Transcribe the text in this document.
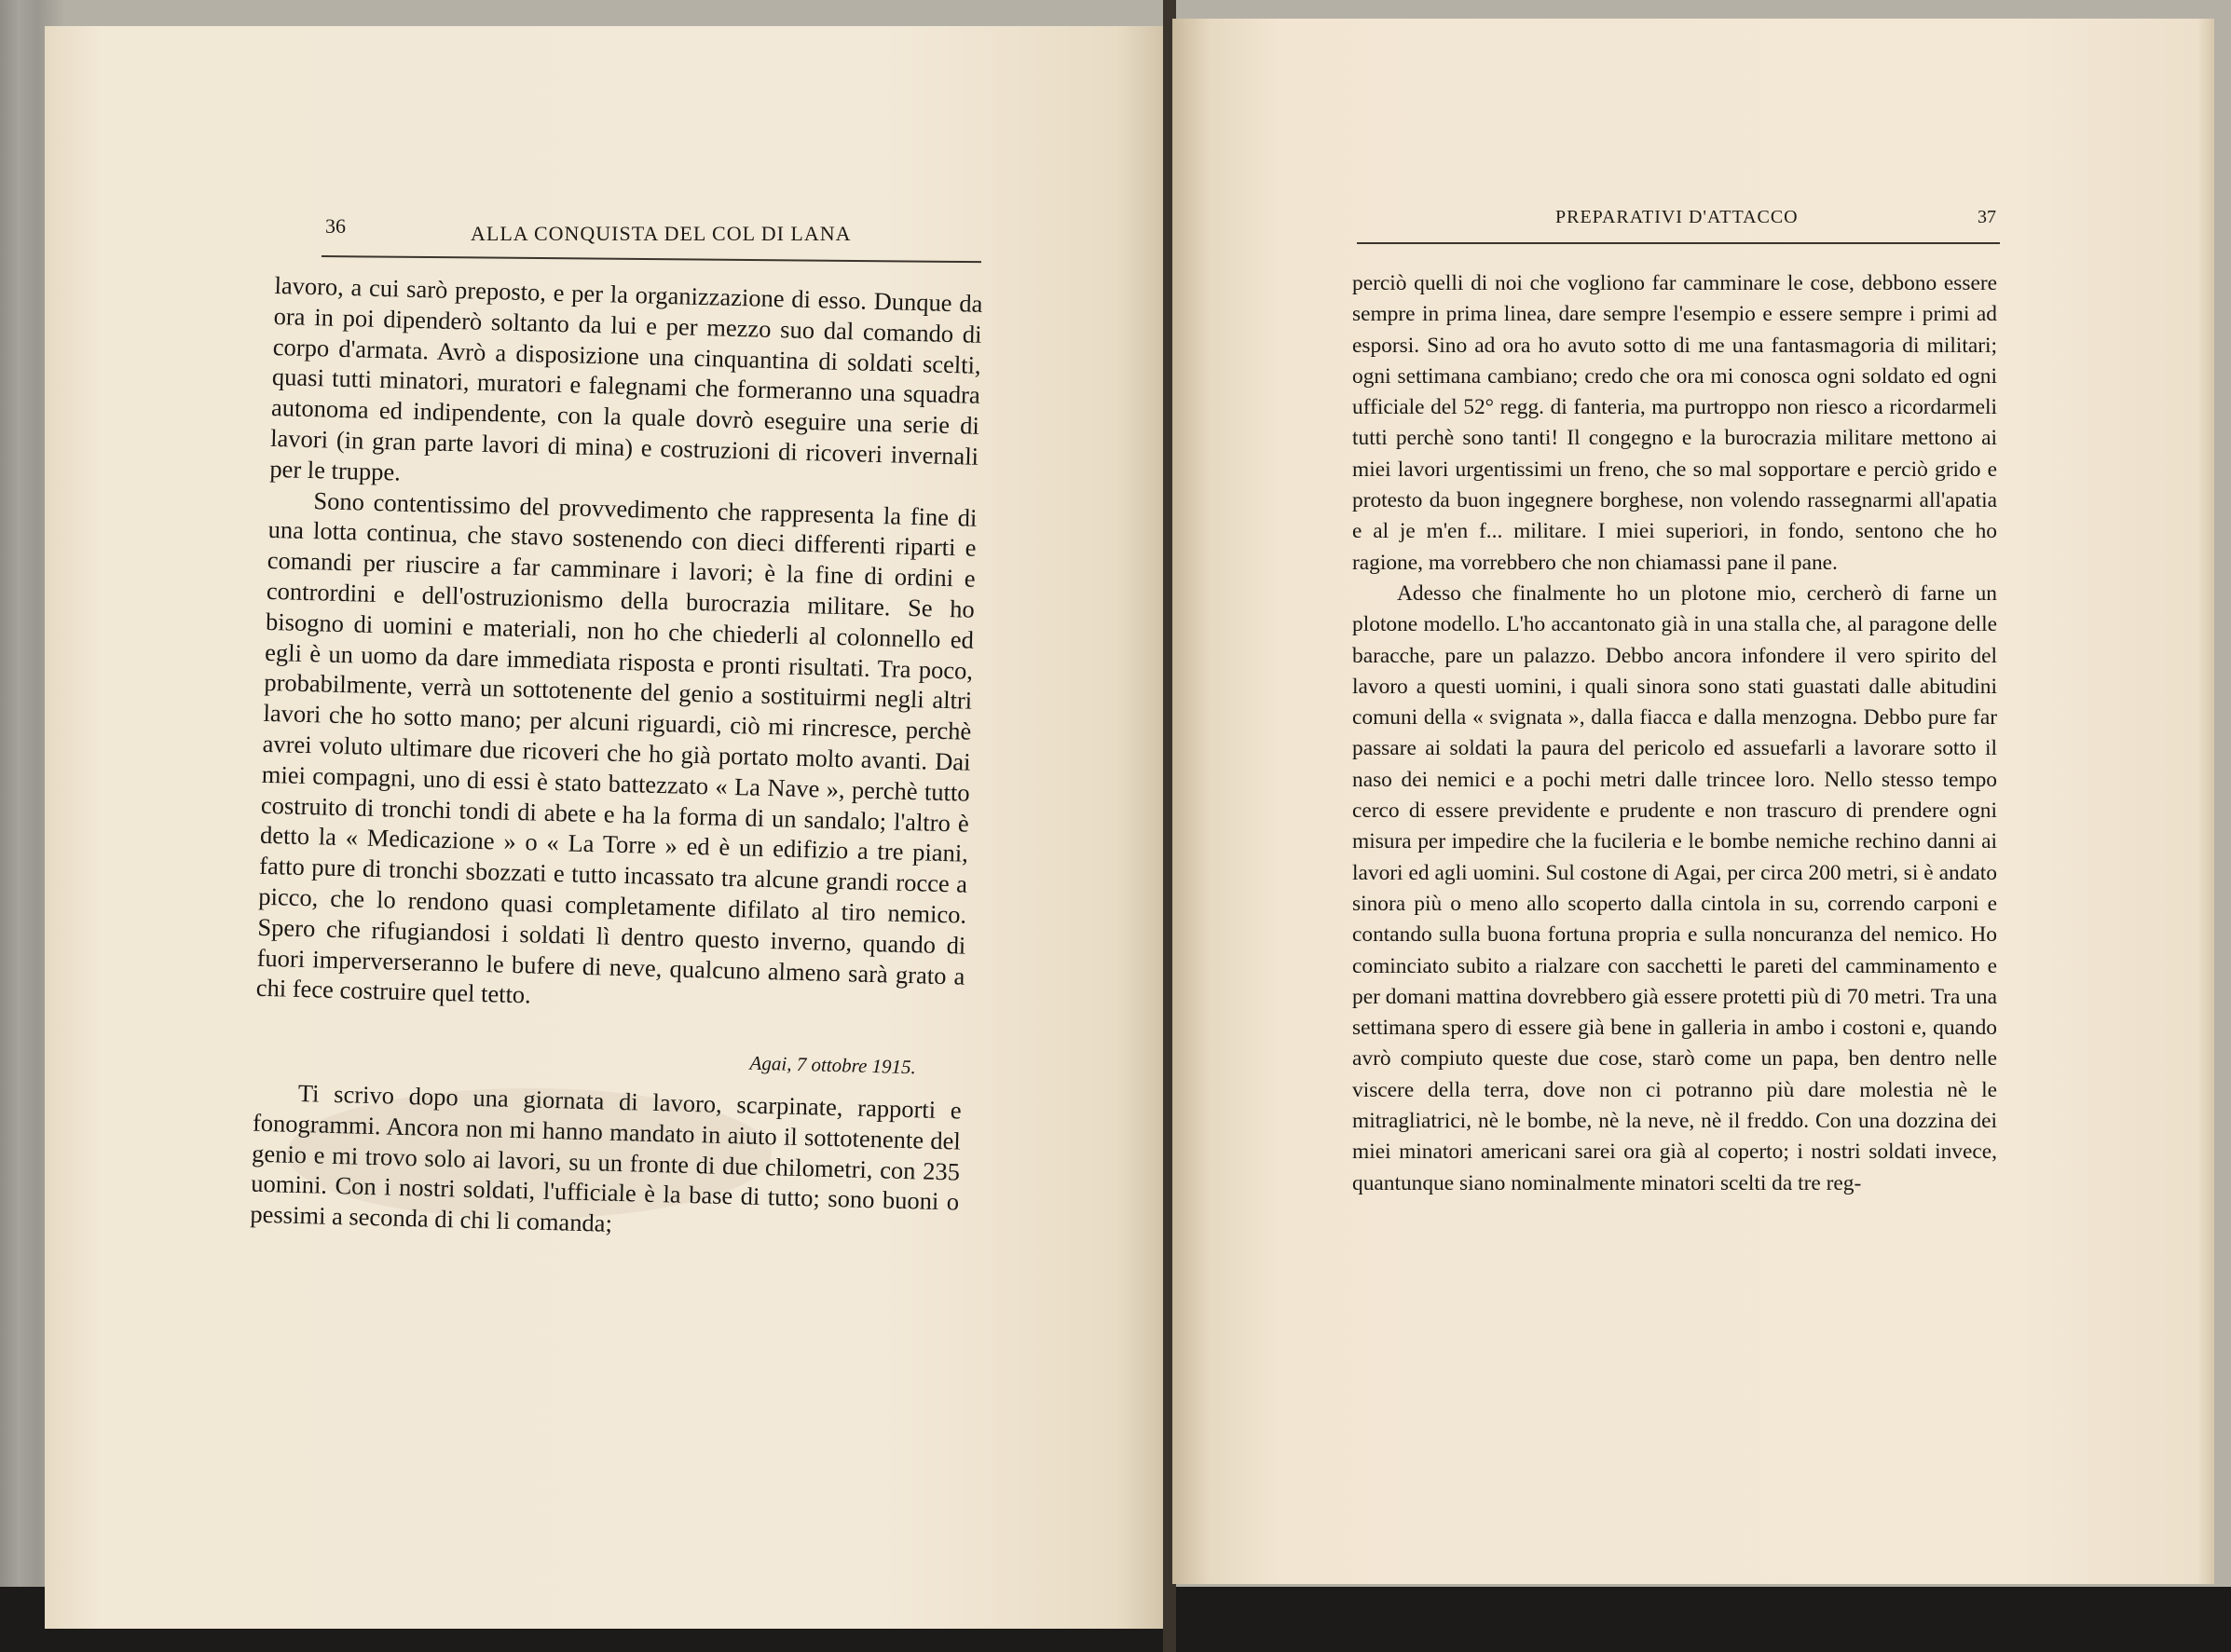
36	ALLA CONQUISTA DEL COL DI LANA

lavoro, a cui sarò preposto, e per la organizzazione di esso. Dunque da ora in poi dipenderò soltanto da lui e per mezzo suo dal comando di corpo d'armata. Avrò a disposizione una cinquantina di soldati scelti, quasi tutti minatori, muratori e falegnami che formeranno una squadra autonoma ed indipendente, con la quale dovrò eseguire una serie di lavori (in gran parte lavori di mina) e costruzioni di ricoveri invernali per le truppe.

Sono contentissimo del provvedimento che rappresenta la fine di una lotta continua, che stavo sostenendo con dieci differenti riparti e comandi per riuscire a far camminare i lavori; è la fine di ordini e contrordini e dell'ostruzionismo della burocrazia militare. Se ho bisogno di uomini e materiali, non ho che chiederli al colonnello ed egli è un uomo da dare immediata risposta e pronti risultati. Tra poco, probabilmente, verrà un sottotenente del genio a sostituirmi negli altri lavori che ho sotto mano; per alcuni riguardi, ciò mi rincresce, perchè avrei voluto ultimare due ricoveri che ho già portato molto avanti. Dai miei compagni, uno di essi è stato battezzato « La Nave », perchè tutto costruito di tronchi tondi di abete e ha la forma di un sandalo; l'altro è detto la « Medicazione » o « La Torre » ed è un edifizio a tre piani, fatto pure di tronchi sbozzati e tutto incassato tra alcune grandi rocce a picco, che lo rendono quasi completamente difilato al tiro nemico. Spero che rifugiandosi i soldati lì dentro questo inverno, quando di fuori imperverseranno le bufere di neve, qualcuno almeno sarà grato a chi fece costruire quel tetto.

Agai, 7 ottobre 1915.

Ti scrivo dopo una giornata di lavoro, scarpinate, rapporti e fonogrammi. Ancora non mi hanno mandato in aiuto il sottotenente del genio e mi trovo solo ai lavori, su un fronte di due chilometri, con 235 uomini. Con i nostri soldati, l'ufficiale è la base di tutto; sono buoni o pessimi a seconda di chi li comanda;

PREPARATIVI D'ATTACCO	37

perciò quelli di noi che vogliono far camminare le cose, debbono essere sempre in prima linea, dare sempre l'esempio e essere sempre i primi ad esporsi. Sino ad ora ho avuto sotto di me una fantasmagoria di militari; ogni settimana cambiano; credo che ora mi conosca ogni soldato ed ogni ufficiale del 52° regg. di fanteria, ma purtroppo non riesco a ricordarmeli tutti perchè sono tanti! Il congegno e la burocrazia militare mettono ai miei lavori urgentissimi un freno, che so mal sopportare e perciò grido e protesto da buon ingegnere borghese, non volendo rassegnarmi all'apatia e al je m'en f... militare. I miei superiori, in fondo, sentono che ho ragione, ma vorrebbero che non chiamassi pane il pane.

Adesso che finalmente ho un plotone mio, cercherò di farne un plotone modello. L'ho accantonato già in una stalla che, al paragone delle baracche, pare un palazzo. Debbo ancora infondere il vero spirito del lavoro a questi uomini, i quali sinora sono stati guastati dalle abitudini comuni della « svignata », dalla fiacca e dalla menzogna. Debbo pure far passare ai soldati la paura del pericolo ed assuefarli a lavorare sotto il naso dei nemici e a pochi metri dalle trincee loro. Nello stesso tempo cerco di essere previdente e prudente e non trascuro di prendere ogni misura per impedire che la fucileria e le bombe nemiche rechino danni ai lavori ed agli uomini. Sul costone di Agai, per circa 200 metri, si è andato sinora più o meno allo scoperto dalla cintola in su, correndo carponi e contando sulla buona fortuna propria e sulla noncuranza del nemico. Ho cominciato subito a rialzare con sacchetti le pareti del camminamento e per domani mattina dovrebbero già essere protetti più di 70 metri. Tra una settimana spero di essere già bene in galleria in ambo i costoni e, quando avrò compiuto queste due cose, starò come un papa, ben dentro nelle viscere della terra, dove non ci potranno più dare molestia nè le mitragliatrici, nè le bombe, nè la neve, nè il freddo. Con una dozzina dei miei minatori americani sarei ora già al coperto; i nostri soldati invece, quantunque siano nominalmente minatori scelti da tre reg-
